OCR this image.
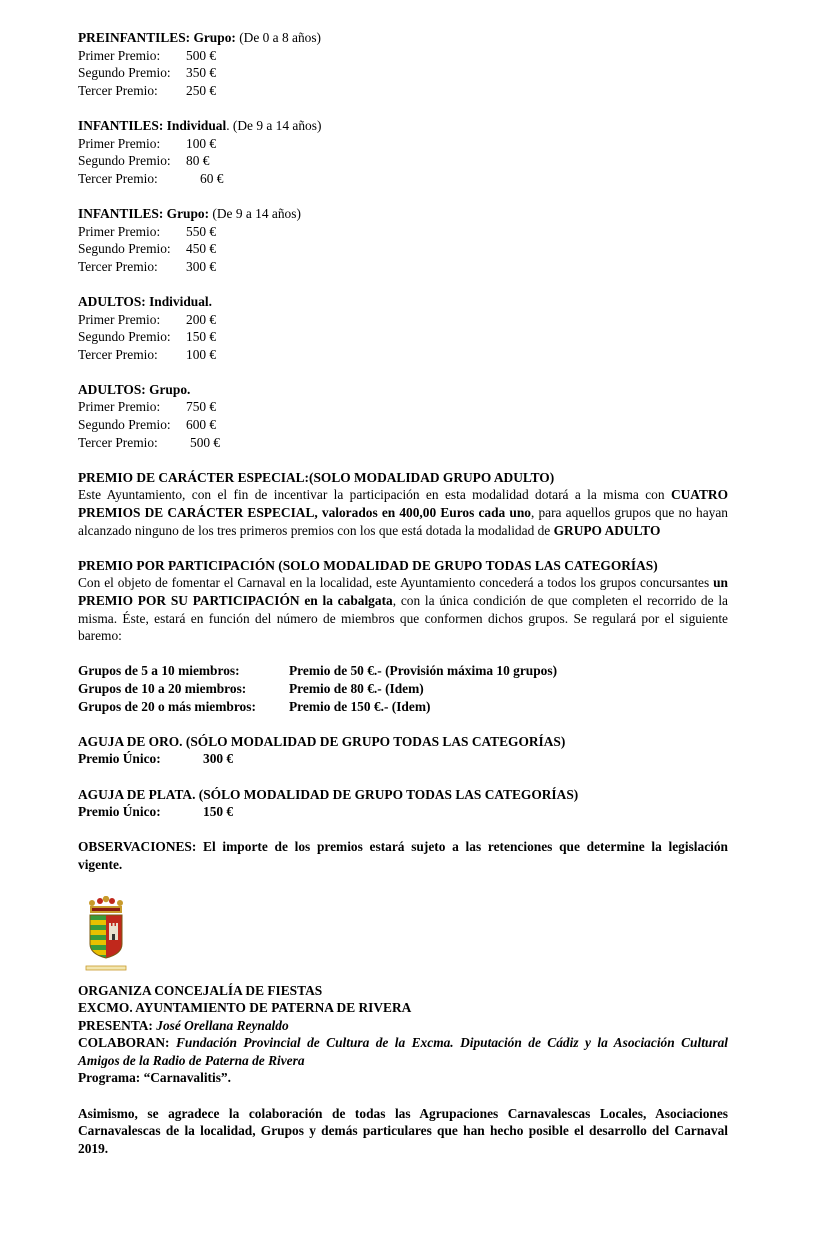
PREINFANTILES: Grupo: (De 0 a 8 años)
Primer Premio: 500 €
Segundo Premio: 350 €
Tercer Premio: 250 €
INFANTILES: Individual. (De 9 a 14 años)
Primer Premio: 100 €
Segundo Premio: 80 €
Tercer Premio:	60 €
INFANTILES: Grupo: (De 9 a 14 años)
Primer Premio: 550 €
Segundo Premio: 450 €
Tercer Premio: 300 €
ADULTOS: Individual.
Primer Premio: 200 €
Segundo Premio: 150 €
Tercer Premio: 100 €
ADULTOS: Grupo.
Primer Premio: 750 €
Segundo Premio: 600 €
Tercer Premio: 500 €
PREMIO DE CARÁCTER ESPECIAL:(SOLO MODALIDAD GRUPO ADULTO)
Este Ayuntamiento, con el fin de incentivar la participación en esta modalidad dotará a la misma con CUATRO PREMIOS DE CARÁCTER ESPECIAL, valorados en 400,00 Euros cada uno, para aquellos grupos que no hayan alcanzado ninguno de los tres primeros premios con los que está dotada la modalidad de GRUPO ADULTO
PREMIO POR PARTICIPACIÓN (SOLO MODALIDAD DE GRUPO TODAS LAS CATEGORÍAS)
Con el objeto de fomentar el Carnaval en la localidad, este Ayuntamiento concederá a todos los grupos concursantes un PREMIO POR SU PARTICIPACIÓN en la cabalgata, con la única condición de que completen el recorrido de la misma. Éste, estará en función del número de miembros que conformen dichos grupos. Se regulará por el siguiente baremo:
Grupos de 5 a 10 miembros:	Premio de 50 €.- (Provisión máxima 10 grupos)
Grupos de 10 a 20 miembros:	Premio de 80 €.- (Idem)
Grupos de 20 o más miembros: Premio de 150 €.- (Idem)
AGUJA DE ORO. (SÓLO MODALIDAD DE GRUPO TODAS LAS CATEGORÍAS)
Premio Único:	300 €
AGUJA DE PLATA. (SÓLO MODALIDAD DE GRUPO TODAS LAS CATEGORÍAS)
Premio Único:	150 €
OBSERVACIONES: El importe de los premios estará sujeto a las retenciones que determine la legislación vigente.
ORGANIZA CONCEJALÍA DE FIESTAS
EXCMO. AYUNTAMIENTO DE PATERNA DE RIVERA
PRESENTA: José Orellana Reynaldo
COLABORAN: Fundación Provincial de Cultura de la Excma. Diputación de Cádiz y la Asociación Cultural Amigos de la Radio de Paterna de Rivera
Programa: “Carnavalitis”.
Asimismo, se agradece la colaboración de todas las Agrupaciones Carnavalescas Locales, Asociaciones Carnavalescas de la localidad, Grupos y demás particulares que han hecho posible el desarrollo del Carnaval 2019.
